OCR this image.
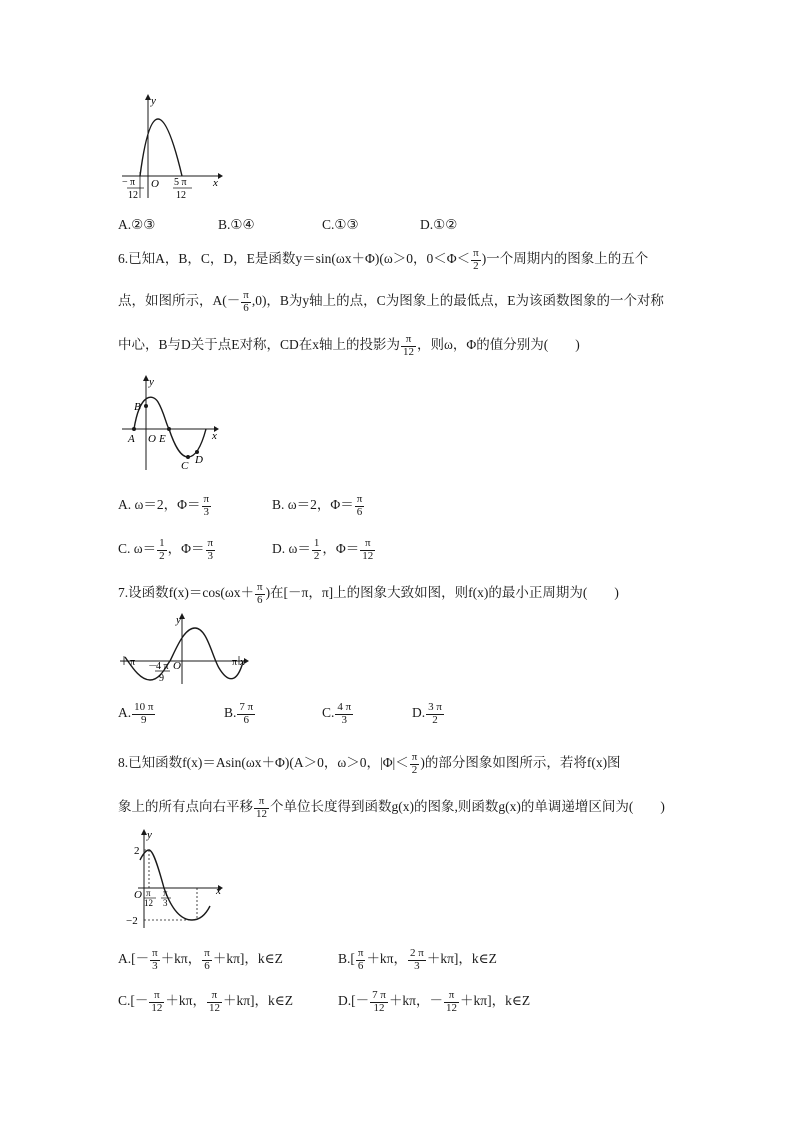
y
x
O
− π
12
5 π
12
A.②③	B.①④	C.①③	D.①②
6.已知A，B，C，D，E是函数y＝sin(ωx＋Φ)(ω＞0，$0<\Phi< \frac{\pi}{2}$ )一个周期内的图象上的五个
点，如图所示，$A(- \frac{\pi}{6} ,0)$，B为y轴上的点，C为图象上的最低点，E为该函数图象的一个对称
中心，B与D关于点E对称，CD在x轴上的投影为 $\frac{\pi}{12}$ ，则ω，Φ的值分别为(　　)
y
x
A
B
O E
C D
A. ω＝2，$\Phi= \frac{\pi}{3}$	B. ω＝2，$\Phi= \frac{\pi}{6}$
C. $\omega= \frac{1}{2}$ ，$\Phi= \frac{\pi}{3}$	D. $\omega= \frac{1}{2}$ ，$\Phi= \frac{\pi}{12}$
7.设函数$f(x)=\cos(\omega x+ \frac{\pi}{6}$ )在[－π，π]上的图象大致如图，则f(x)的最小正周期为(　　)
y
x
O
－π	π
－
4 π
9
A. $\frac{10 \pi}{9}$	B. $\frac{7 \pi}{6}$	C. $\frac{4 \pi}{3}$	D. $\frac{3 \pi}{2}$
8.已知函数f(x)＝Asin(ωx＋Φ)(A＞0，ω＞0，$|\Phi|< \frac{\pi}{2}$ )的部分图象如图所示，若将f(x)图
象上的所有点向右平移 $\frac{\pi}{12}$ 个单位长度得到函数g(x)的图象,则函数g(x)的单调递增区间为(　　)
y
x
O
2
−2
π
12
π
3
$A.[- \frac{\pi}{3} +k\pi$， $\frac{\pi}{6} +k\pi$]，k∈Z	$B.[ \frac{\pi}{6} +k\pi$， $\frac{2 \pi}{3} +k\pi$]，k∈Z
$C.[- \frac{\pi}{12} +k\pi$， $\frac{\pi}{12} +k\pi$]，k∈Z	$D.[- \frac{7 \pi}{12} +k\pi$，－ $\frac{\pi}{12} +k\pi$]，k∈Z
